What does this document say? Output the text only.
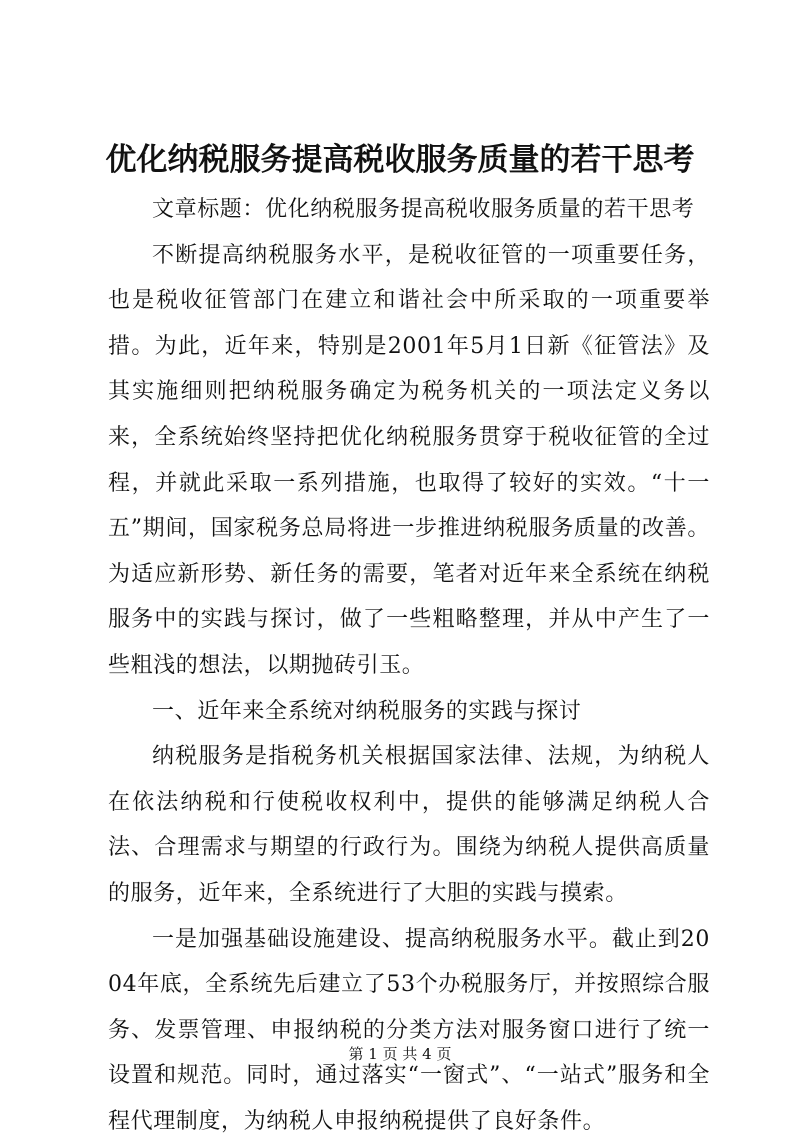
优化纳税服务提高税收服务质量的若干思考

文章标题：优化纳税服务提高税收服务质量的若干思考

不断提高纳税服务水平，是税收征管的一项重要任务，也是税收征管部门在建立和谐社会中所采取的一项重要举措。为此，近年来，特别是2001年5月1日新《征管法》及其实施细则把纳税服务确定为税务机关的一项法定义务以来，全系统始终坚持把优化纳税服务贯穿于税收征管的全过程，并就此采取一系列措施，也取得了较好的实效。“十一五”期间，国家税务总局将进一步推进纳税服务质量的改善。为适应新形势、新任务的需要，笔者对近年来全系统在纳税服务中的实践与探讨，做了一些粗略整理，并从中产生了一些粗浅的想法，以期抛砖引玉。

一、近年来全系统对纳税服务的实践与探讨

纳税服务是指税务机关根据国家法律、法规，为纳税人在依法纳税和行使税收权利中，提供的能够满足纳税人合法、合理需求与期望的行政行为。围绕为纳税人提供高质量的服务，近年来，全系统进行了大胆的实践与摸索。

一是加强基础设施建设、提高纳税服务水平。截止到2004年底，全系统先后建立了53个办税服务厅，并按照综合服务、发票管理、申报纳税的分类方法对服务窗口进行了统一设置和规范。同时，通过落实“一窗式”、“一站式”服务和全程代理制度，为纳税人申报纳税提供了良好条件。

第 1 页 共 4 页
